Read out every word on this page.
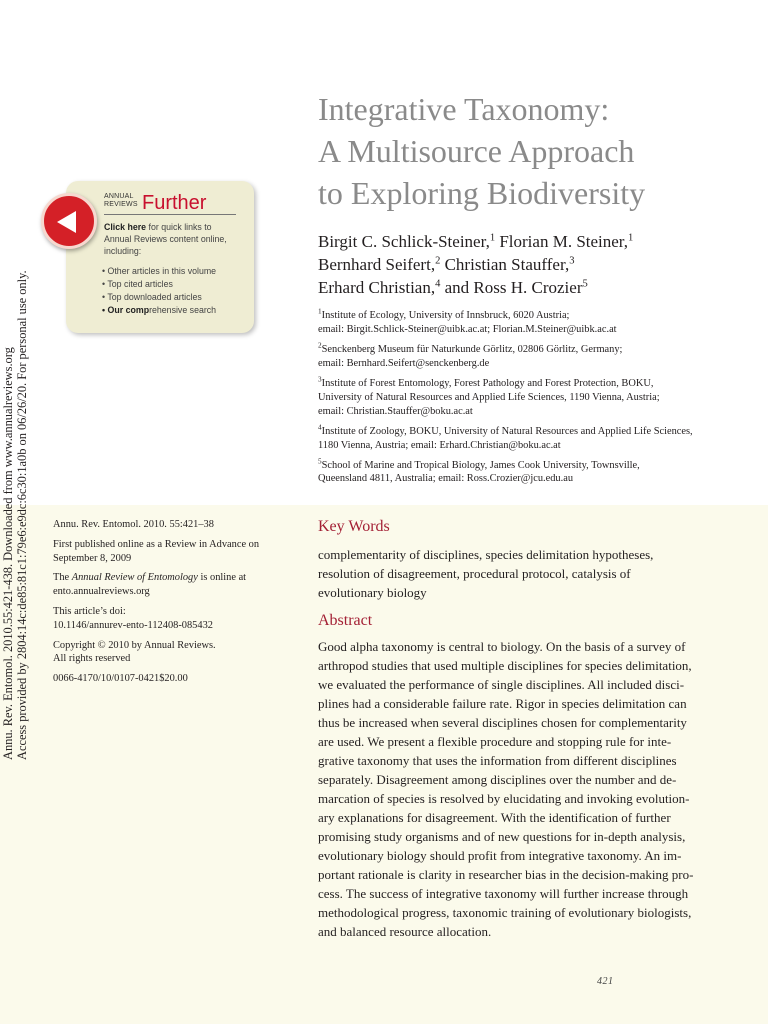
Integrative Taxonomy:
A Multisource Approach
to Exploring Biodiversity
Birgit C. Schlick-Steiner,$^1$ Florian M. Steiner,$^1$
Bernhard Seifert,$^2$ Christian Stauffer,$^3$
Erhard Christian,$^4$ and Ross H. Crozier$^5$
$^1$Institute of Ecology, University of Innsbruck, 6020 Austria;
email: Birgit.Schlick-Steiner@uibk.ac.at; Florian.M.Steiner@uibk.ac.at
$^2$Senckenberg Museum für Naturkunde Görlitz, 02806 Görlitz, Germany;
email: Bernhard.Seifert@senckenberg.de
$^3$Institute of Forest Entomology, Forest Pathology and Forest Protection, BOKU,
University of Natural Resources and Applied Life Sciences, 1190 Vienna, Austria;
email: Christian.Stauffer@boku.ac.at
$^4$Institute of Zoology, BOKU, University of Natural Resources and Applied Life Sciences,
1180 Vienna, Austria; email: Erhard.Christian@boku.ac.at
$^5$School of Marine and Tropical Biology, James Cook University, Townsville,
Queensland 4811, Australia; email: Ross.Crozier@jcu.edu.au

Annu. Rev. Entomol. 2010. 55:421–38

First published online as a Review in Advance on
September 8, 2009

The Annual Review of Entomology is online at
ento.annualreviews.org

This article’s doi:
10.1146/annurev-ento-112408-085432

Copyright © 2010 by Annual Reviews.
All rights reserved

0066-4170/10/0107-0421$20.00

Key Words
complementarity of disciplines, species delimitation hypotheses,
resolution of disagreement, procedural protocol, catalysis of
evolutionary biology
Abstract
Good alpha taxonomy is central to biology. On the basis of a survey of
arthropod studies that used multiple disciplines for species delimitation,
we evaluated the performance of single disciplines. All included disci-
plines had a considerable failure rate. Rigor in species delimitation can
thus be increased when several disciplines chosen for complementarity
are used. We present a flexible procedure and stopping rule for inte-
grative taxonomy that uses the information from different disciplines
separately. Disagreement among disciplines over the number and de-
marcation of species is resolved by elucidating and invoking evolution-
ary explanations for disagreement. With the identification of further
promising study organisms and of new questions for in-depth analysis,
evolutionary biology should profit from integrative taxonomy. An im-
portant rationale is clarity in researcher bias in the decision-making pro-
cess. The success of integrative taxonomy will further increase through
methodological progress, taxonomic training of evolutionary biologists,
and balanced resource allocation.
421
Annu. Rev. Entomol. 2010.55:421-438. Downloaded from www.annualreviews.org Access provided by 2804:14c:de85:81c1:79e6:e9dc:6c30:1a0b on 06/26/20. For personal use only.
ANNUAL
REVIEWS Further
Click here for quick links to
Annual Reviews content online,
including:
• Other articles in this volume
• Top cited articles
• Top downloaded articles
• Our comprehensive search
